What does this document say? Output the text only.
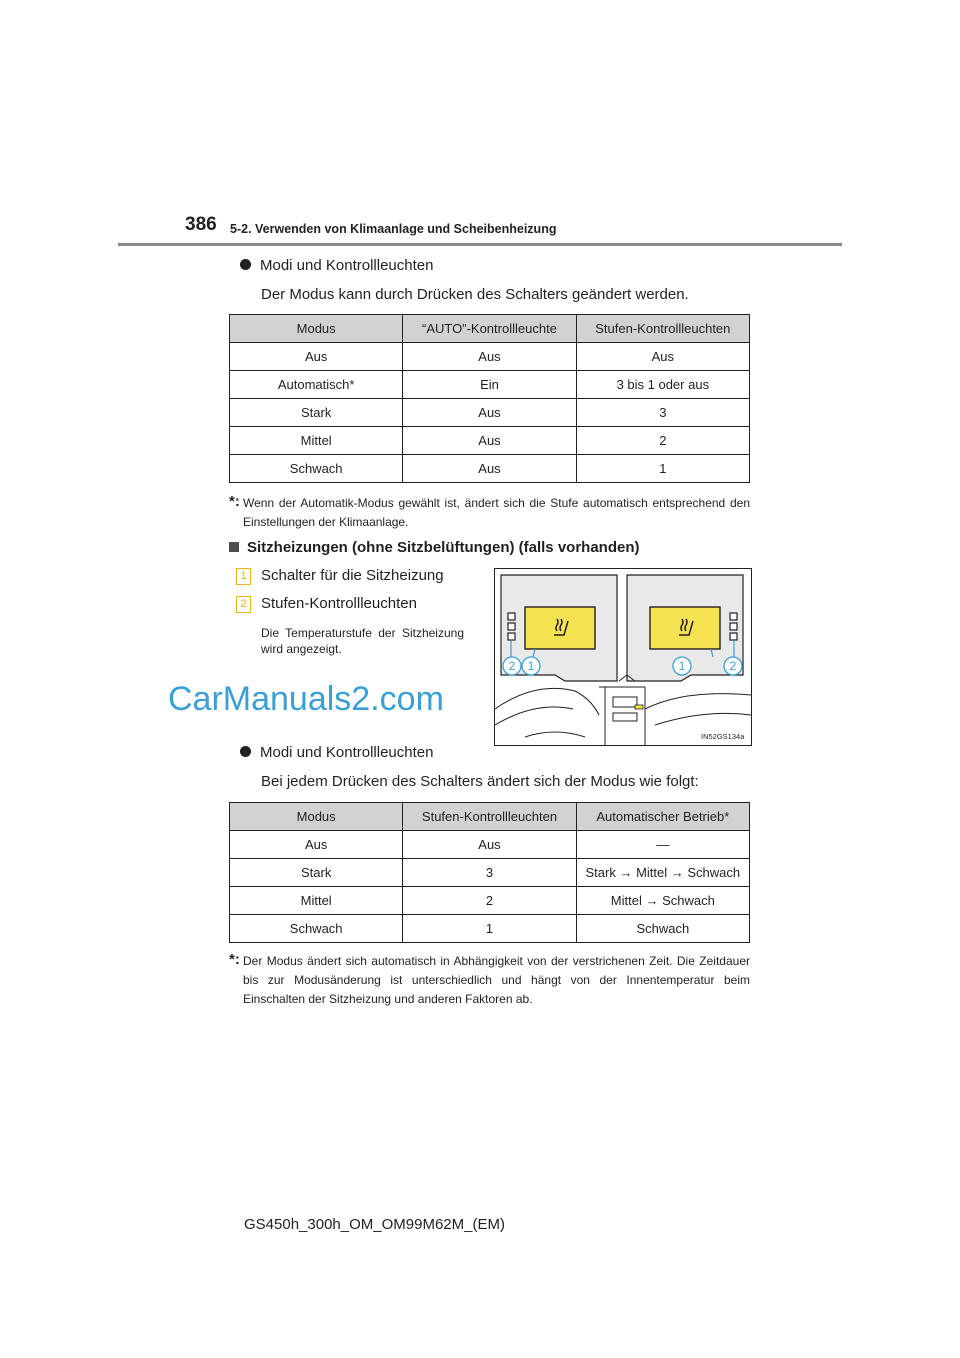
386 5-2. Verwenden von Klimaanlage und Scheibenheizung
Modi und Kontrollleuchten
Der Modus kann durch Drücken des Schalters geändert werden.
Modus	“AUTO”-Kontrollleuchte	Stufen-Kontrollleuchten
Aus	Aus	Aus
Automatisch*	Ein	3 bis 1 oder aus
Stark	Aus	3
Mittel	Aus	2
Schwach	Aus	1
*: Wenn der Automatik-Modus gewählt ist, ändert sich die Stufe automatisch entsprechend den Einstellungen der Klimaanlage.
Sitzheizungen (ohne Sitzbelüftungen) (falls vorhanden)
1 Schalter für die Sitzheizung
2 Stufen-Kontrollleuchten
Die Temperaturstufe der Sitzheizung wird angezeigt.
2 1	1	2
IN52GS134a
CarManuals2.com
Modi und Kontrollleuchten
Bei jedem Drücken des Schalters ändert sich der Modus wie folgt:
Modus	Stufen-Kontrollleuchten	Automatischer Betrieb*
Aus	Aus	—
Stark	3	Stark → Mittel → Schwach
Mittel	2	Mittel → Schwach
Schwach	1	Schwach
*: Der Modus ändert sich automatisch in Abhängigkeit von der verstrichenen Zeit. Die Zeitdauer bis zur Modusänderung ist unterschiedlich und hängt von der Innentemperatur beim Einschalten der Sitzheizung und anderen Faktoren ab.
GS450h_300h_OM_OM99M62M_(EM)
